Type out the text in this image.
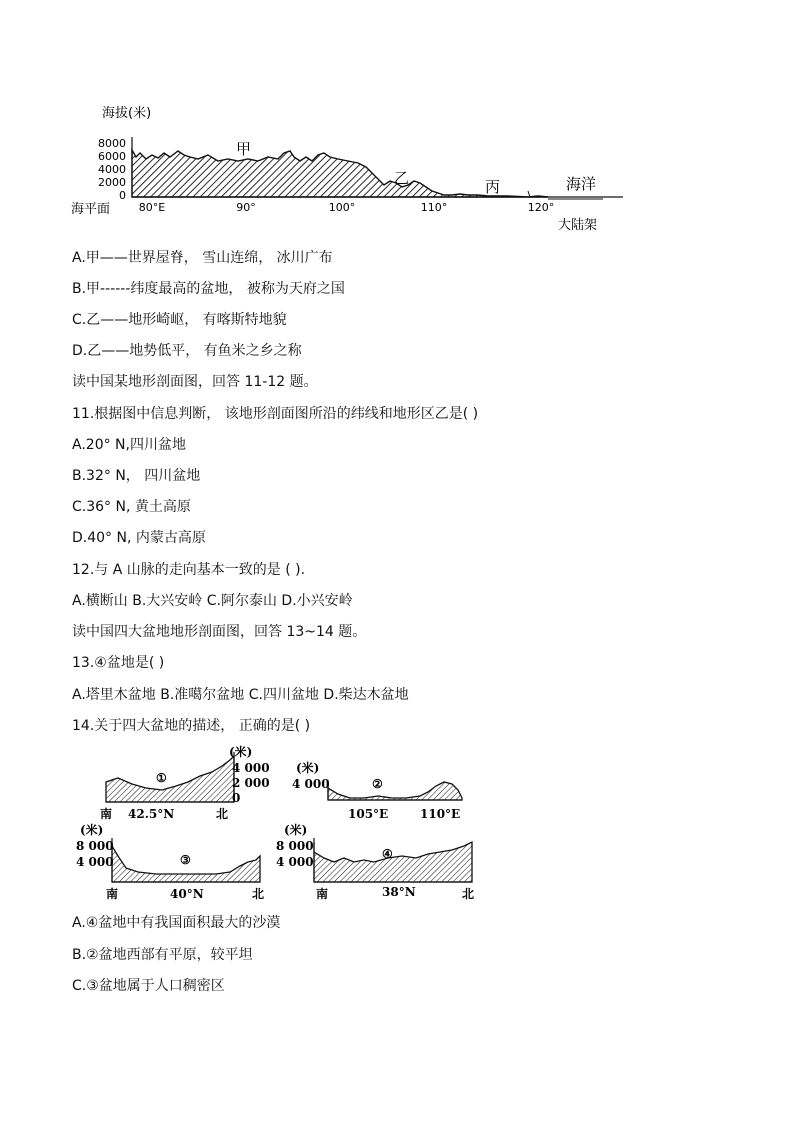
海拔(米)
8000
6000
4000
2000
0
海平面	80°E	90°	100°	110°	120°
甲
乙	丙	海洋
大陆架
A.甲——世界屋脊， 雪山连绵， 冰川广布
B.甲------纬度最高的盆地， 被称为天府之国
C.乙——地形崎岖， 有喀斯特地貌
D.乙——地势低平， 有鱼米之乡之称
读中国某地形剖面图，回答 11-12 题。
11.根据图中信息判断， 该地形剖面图所沿的纬线和地形区乙是( )
A.20° N,四川盆地
B.32° N， 四川盆地
C.36° N, 黄土高原
D.40° N, 内蒙古高原
12.与 A 山脉的走向基本一致的是 ( ).
A.横断山 B.大兴安岭 C.阿尔泰山 D.小兴安岭
读中国四大盆地地形剖面图，回答 13~14 题。
13.④盆地是( )
A.塔里木盆地 B.准噶尔盆地 C.四川盆地 D.柴达木盆地
14.关于四大盆地的描述， 正确的是( )
①
(米)
4 000
2 000
0
南 42.5°N	北
(米)
4 000	②
105°E	110°E
(米)
8 000
4 000	③
南	40°N	北
(米)
8 000
4 000
④
南	38°N	北
A.④盆地中有我国面积最大的沙漠
B.②盆地西部有平原，较平坦
C.③盆地属于人口稠密区
